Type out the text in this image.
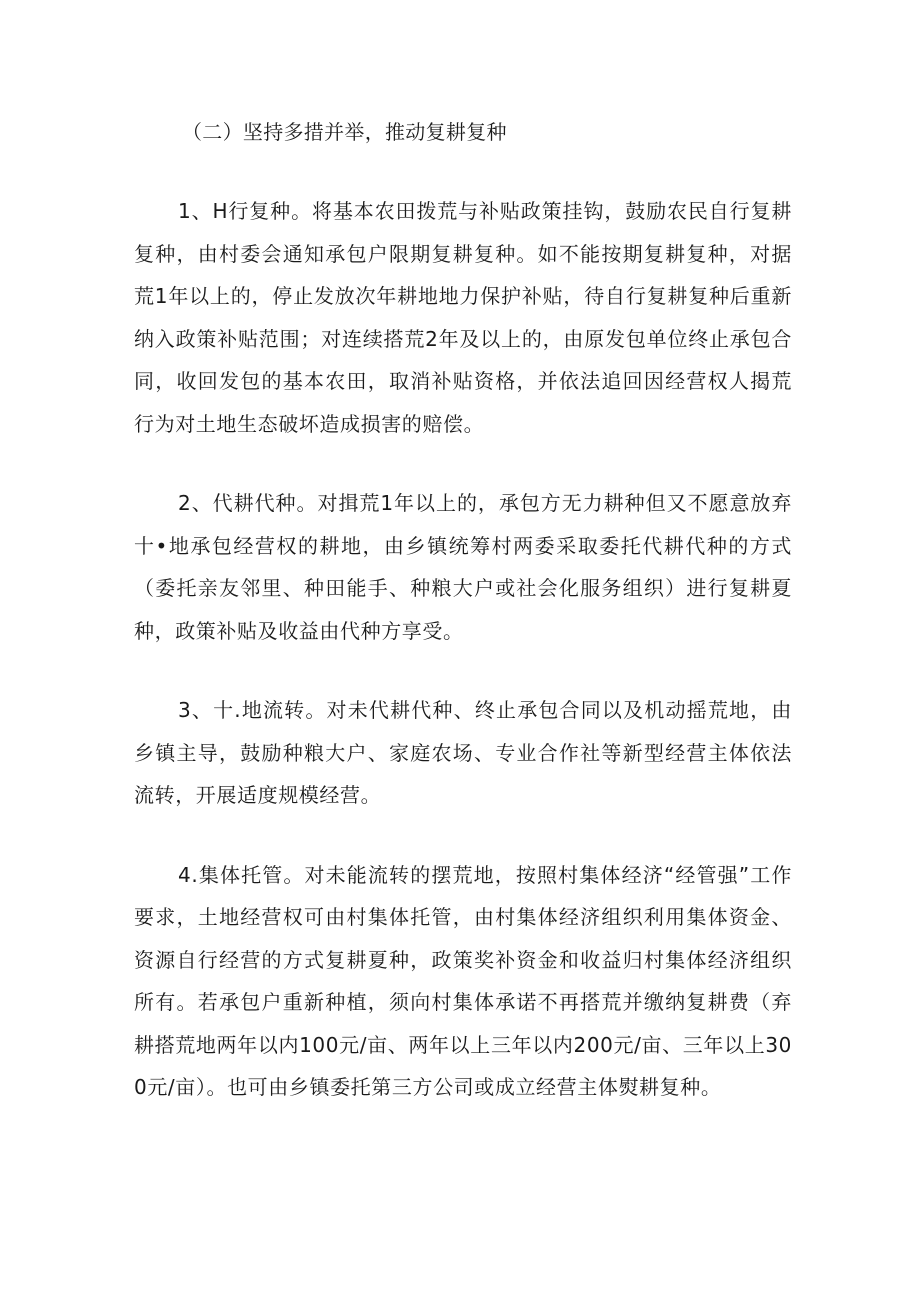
（二）坚持多措并举，推动复耕复种

1、H行复种。将基本农田拨荒与补贴政策挂钩，鼓励农民自行复耕复种，由村委会通知承包户限期复耕复种。如不能按期复耕复种，对据荒1年以上的，停止发放次年耕地地力保护补贴，待自行复耕复种后重新纳入政策补贴范围；对连续搭荒2年及以上的，由原发包单位终止承包合同，收回发包的基本农田，取消补贴资格，并依法追回因经营权人揭荒行为对土地生态破坏造成损害的赔偿。

2、代耕代种。对揖荒1年以上的，承包方无力耕种但又不愿意放弃十•地承包经营权的耕地，由乡镇统筹村两委采取委托代耕代种的方式（委托亲友邻里、种田能手、种粮大户或社会化服务组织）进行复耕夏种，政策补贴及收益由代种方享受。

3、十.地流转。对未代耕代种、终止承包合同以及机动摇荒地，由乡镇主导，鼓励种粮大户、家庭农场、专业合作社等新型经营主体依法流转，开展适度规模经营。

4.集体托管。对未能流转的摆荒地，按照村集体经济“经管强”工作要求，土地经营权可由村集体托管，由村集体经济组织利用集体资金、资源自行经营的方式复耕夏种，政策奖补资金和收益归村集体经济组织所有。若承包户重新种植，须向村集体承诺不再搭荒并缴纳复耕费（弃耕搭荒地两年以内100元/亩、两年以上三年以内200元/亩、三年以上300元/亩）。也可由乡镇委托第三方公司或成立经营主体熨耕复种。
